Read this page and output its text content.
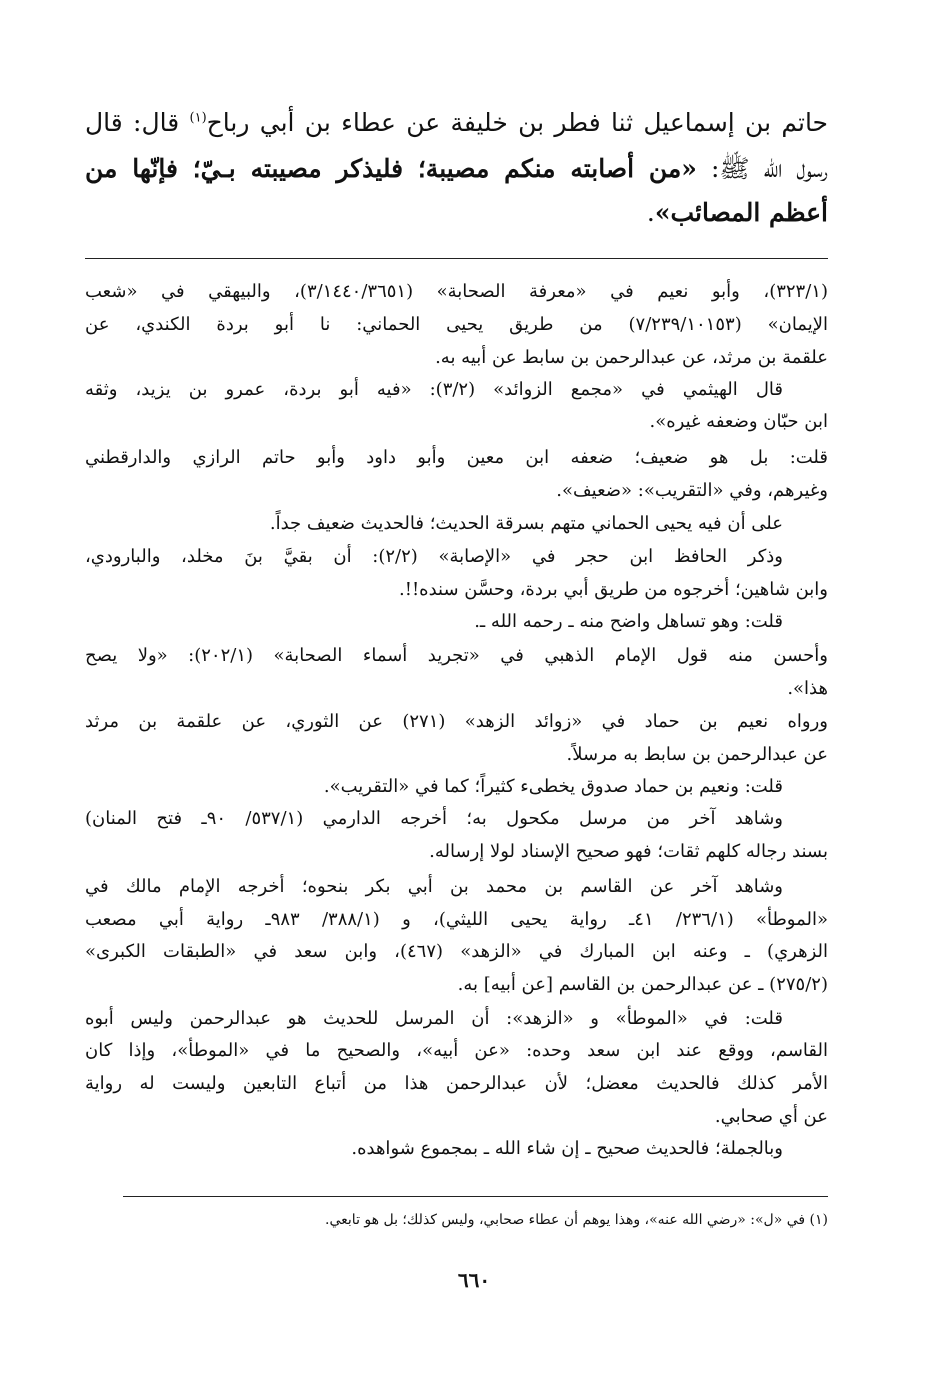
حاتم بن إسماعيل ثنا فطر بن خليفة عن عطاء بن أبي رباح$^{(١)}$ قال: قال
رسول الله ﷺ: «من أصابته منكم مصيبة؛ فليذكر مصيبته بـيّ؛ فإنّها من
أعظم المصائب».
(٣٢٣/١)، وأبو نعيم في «معرفة الصحابة» (٣/١٤٤٠/٣٦٥١)، والبيهقي في «شعب
الإيمان» (٧/٢٣٩/١٠١٥٣) من طريق يحيى الحماني: نا أبو بردة الكندي، عن
علقمة بن مرثد، عن عبدالرحمن بن سابط عن أبيه به.
قال الهيثمي في «مجمع الزوائد» (٣/٢): «فيه أبو بردة، عمرو بن يزيد، وثقه
ابن حبّان وضعفه غيره».
قلت: بل هو ضعيف؛ ضعفه ابن معين وأبو داود وأبو حاتم الرازي والدارقطني
وغيرهم، وفي «التقريب»: «ضعيف».
على أن فيه يحيى الحماني متهم بسرقة الحديث؛ فالحديث ضعيف جداً.
وذكر الحافظ ابن حجر في «الإصابة» (٢/٢): أن بقيَّ بنَ مخلد، والبارودي،
وابن شاهين؛ أخرجوه من طريق أبي بردة، وحسَّن سنده!!.
قلت: وهو تساهل واضح منه ـ رحمه الله ـ.
وأحسن منه قول الإمام الذهبي في «تجريد أسماء الصحابة» (٢٠٢/١): «ولا يصح
هذا».
ورواه نعيم بن حماد في «زوائد الزهد» (٢٧١) عن الثوري، عن علقمة بن مرثد
عن عبدالرحمن بن سابط به مرسلاً.
قلت: ونعيم بن حماد صدوق يخطىء كثيراً؛ كما في «التقريب».
وشاهد آخر من مرسل مكحول به؛ أخرجه الدارمي (٥٣٧/١/ ٩٠ـ فتح المنان)
بسند رجاله كلهم ثقات؛ فهو صحيح الإسناد لولا إرساله.
وشاهد آخر عن القاسم بن محمد بن أبي بكر بنحوه؛ أخرجه الإمام مالك في
«الموطأ» (٢٣٦/١/ ٤١ـ رواية يحيى الليثي)، و (٣٨٨/١/ ٩٨٣ـ رواية أبي مصعب
الزهري) ـ وعنه ابن المبارك في «الزهد» (٤٦٧)، وابن سعد في «الطبقات الكبرى»
(٢٧٥/٢) ـ عن عبدالرحمن بن القاسم [عن أبيه] به.
قلت: في «الموطأ» و «الزهد»: أن المرسل للحديث هو عبدالرحمن وليس أبوه
القاسم، ووقع عند ابن سعد وحده: «عن أبيه»، والصحيح ما في «الموطأ»، وإذا كان
الأمر كذلك فالحديث معضل؛ لأن عبدالرحمن هذا من أتباع التابعين وليست له رواية
عن أي صحابي.
وبالجملة؛ فالحديث صحيح ـ إن شاء الله ـ بمجموع شواهده.
(١) في «ل»: «رضي الله عنه»، وهذا يوهم أن عطاء صحابي، وليس كذلك؛ بل هو تابعي.
٦٦٠
